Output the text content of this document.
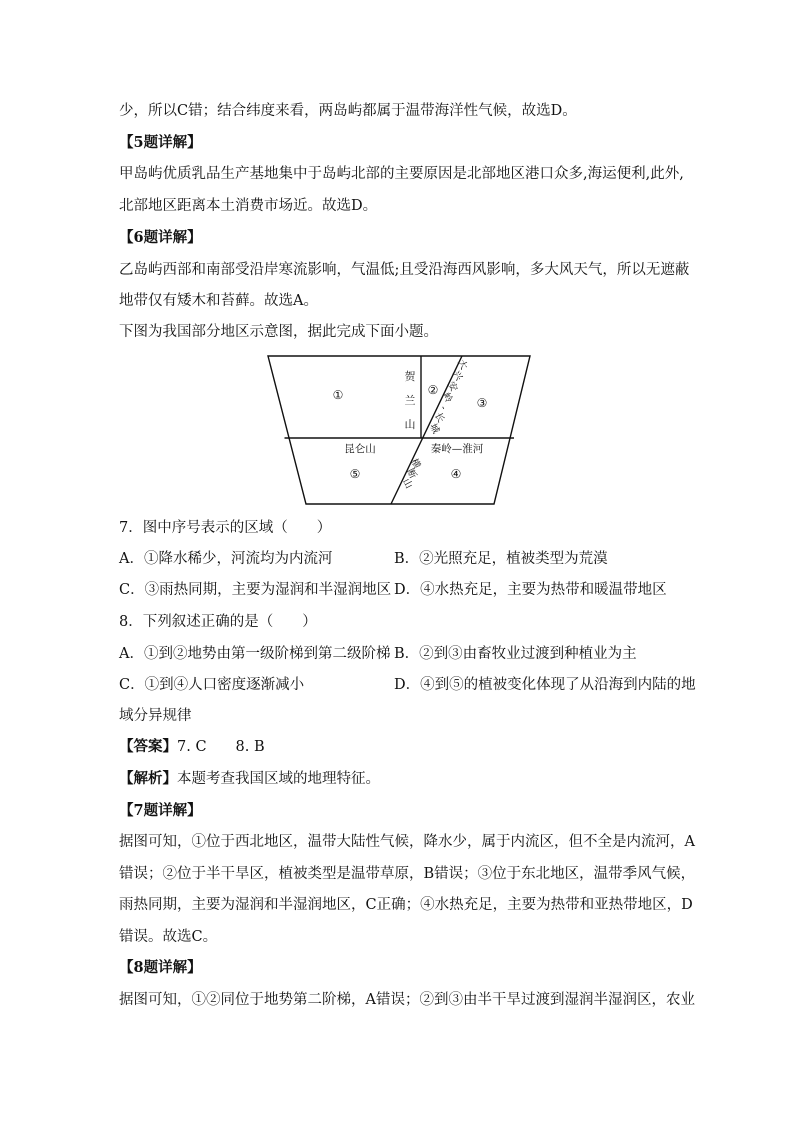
少，所以C错；结合纬度来看，两岛屿都属于温带海洋性气候，故选D。
【5题详解】
甲岛屿优质乳品生产基地集中于岛屿北部的主要原因是北部地区港口众多,海运便利,此外,
北部地区距离本土消费市场近。故选D。
【6题详解】
乙岛屿西部和南部受沿岸寒流影响，气温低;且受沿海西风影响，多大风天气，所以无遮蔽
地带仅有矮木和苔藓。故选A。
下图为我国部分地区示意图，据此完成下面小题。
①	②
③
④
⑤
贺
兰
山
大
兴
安
岭
-
长
城
昆仑山	秦岭—淮河
横
断
山
7．图中序号表示的区域（　　）
A．①降水稀少，河流均为内流河	B．②光照充足，植被类型为荒漠
C．③雨热同期，主要为湿润和半湿润地区 D．④水热充足，主要为热带和暖温带地区
8．下列叙述正确的是（　　）
A．①到②地势由第一级阶梯到第二级阶梯 B．②到③由畜牧业过渡到种植业为主
C．①到④人口密度逐渐减小	D．④到⑤的植被变化体现了从沿海到内陆的地
域分异规律
【答案】7. C　　8. B
【解析】本题考查我国区域的地理特征。
【7题详解】
据图可知，①位于西北地区，温带大陆性气候，降水少，属于内流区，但不全是内流河，A
错误；②位于半干旱区，植被类型是温带草原，B错误；③位于东北地区，温带季风气候，
雨热同期，主要为湿润和半湿润地区，C正确；④水热充足，主要为热带和亚热带地区，D
错误。故选C。
【8题详解】
据图可知，①②同位于地势第二阶梯，A错误；②到③由半干旱过渡到湿润半湿润区，农业
